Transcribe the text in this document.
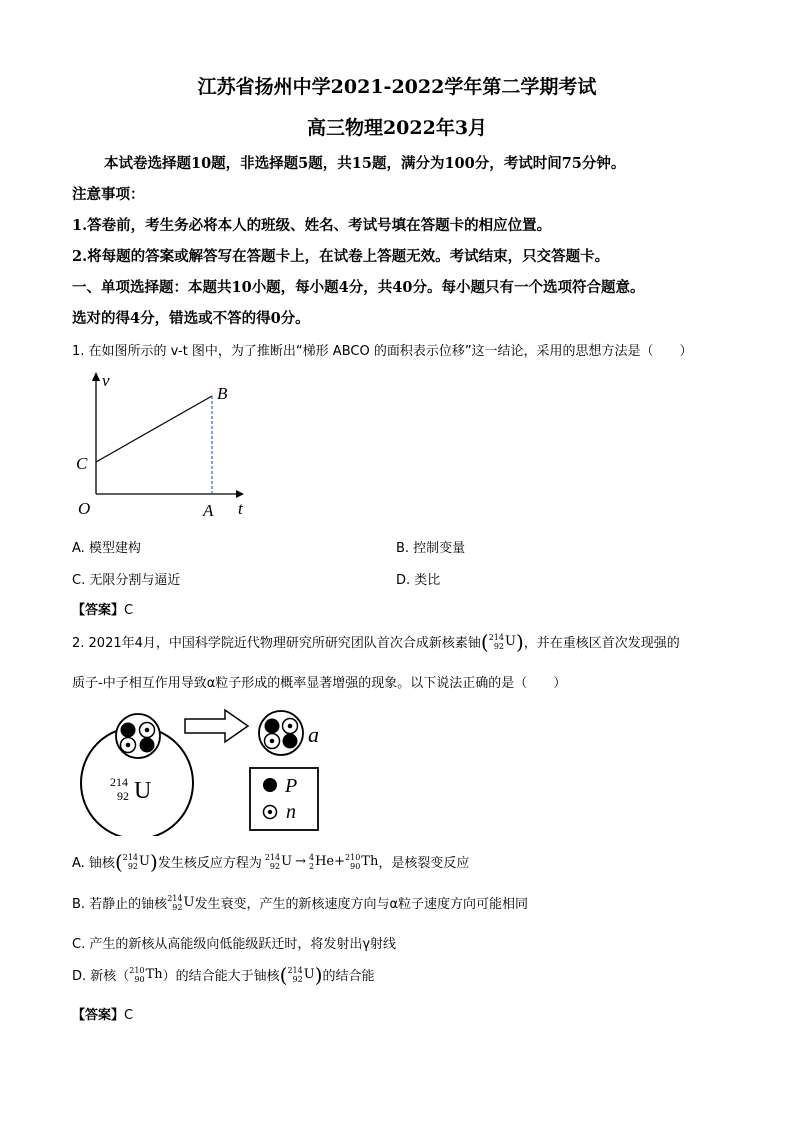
江苏省扬州中学2021-2022学年第二学期考试
高三物理2022年3月
本试卷选择题10题，非选择题5题，共15题，满分为100分，考试时间75分钟。
注意事项：
1.答卷前，考生务必将本人的班级、姓名、考试号填在答题卡的相应位置。
2.将每题的答案或解答写在答题卡上，在试卷上答题无效。考试结束，只交答题卡。
一、单项选择题：本题共10小题，每小题4分，共40分。每小题只有一个选项符合题意。
选对的得4分，错选或不答的得0分。
1. 在如图所示的 v-t 图中，为了推断出“梯形 ABCO 的面积表示位移”这一结论，采用的思想方法是（　　）
v
B
C
O	A t
A. 模型建构	B. 控制变量
C. 无限分割与逼近	D. 类比
【答案】C
2. 2021年4月，中国科学院近代物理研究所研究团队首次合成新核素铀 ( 214
92 U ) ，并在重核区首次发现强的
质子-中子相互作用导致α粒子形成的概率显著增强的现象。以下说法正确的是（　　）
214
92 U
a
P
n
A. 铀核 ( 214
92 U ) 发生核反应方程为 214
92 U → 4
2 He + 210
90 Th ，是核裂变反应
B. 若静止的铀核 214
92 U 发生衰变，产生的新核速度方向与α粒子速度方向可能相同
C. 产生的新核从高能级向低能级跃迁时，将发射出γ射线
D. 新核（ 210
90 Th ）的结合能大于铀核 ( 214
92 U ) 的结合能
【答案】C
